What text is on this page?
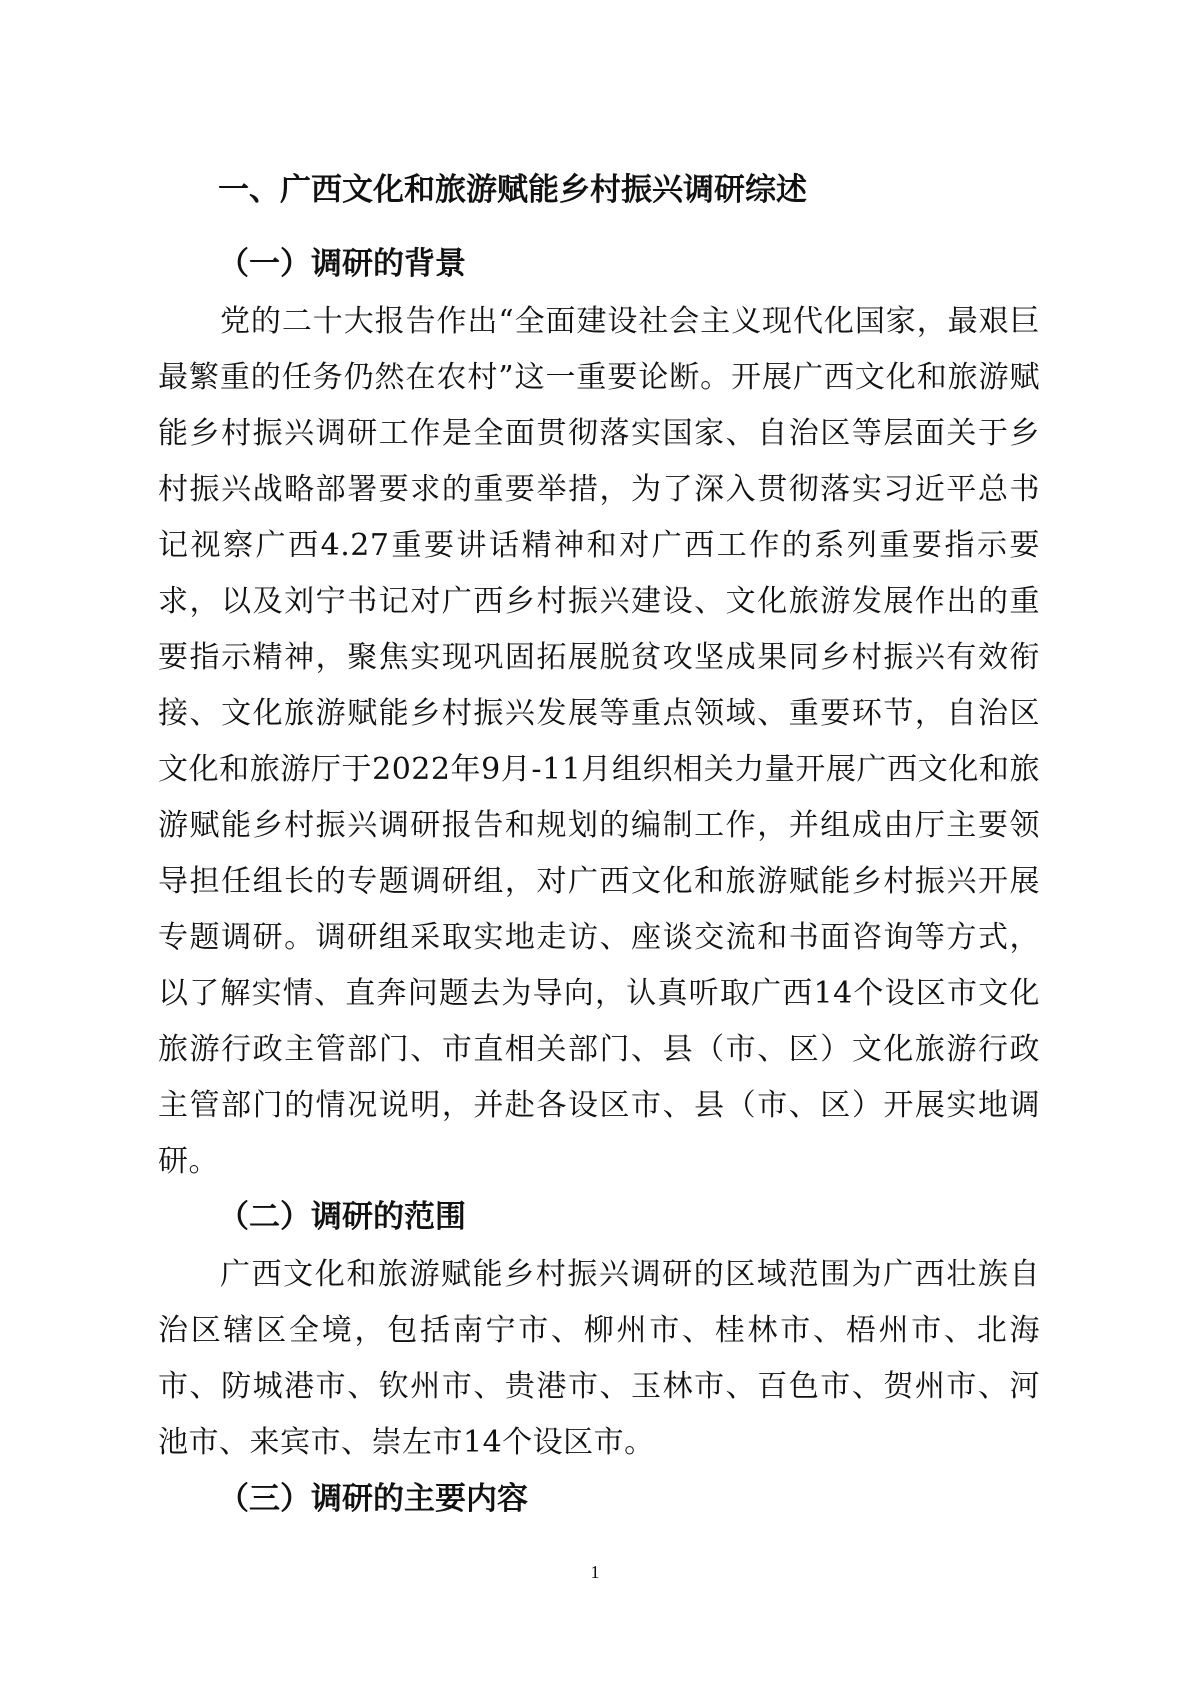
一、广西文化和旅游赋能乡村振兴调研综述
（一）调研的背景

党的二十大报告作出“全面建设社会主义现代化国家，最艰巨最繁重的任务仍然在农村”这一重要论断。开展广西文化和旅游赋能乡村振兴调研工作是全面贯彻落实国家、自治区等层面关于乡村振兴战略部署要求的重要举措，为了深入贯彻落实习近平总书记视察广西4.27重要讲话精神和对广西工作的系列重要指示要求，以及刘宁书记对广西乡村振兴建设、文化旅游发展作出的重要指示精神，聚焦实现巩固拓展脱贫攻坚成果同乡村振兴有效衔接、文化旅游赋能乡村振兴发展等重点领域、重要环节，自治区文化和旅游厅于2022年9月-11月组织相关力量开展广西文化和旅游赋能乡村振兴调研报告和规划的编制工作，并组成由厅主要领导担任组长的专题调研组，对广西文化和旅游赋能乡村振兴开展专题调研。调研组采取实地走访、座谈交流和书面咨询等方式，以了解实情、直奔问题去为导向，认真听取广西14个设区市文化旅游行政主管部门、市直相关部门、县（市、区）文化旅游行政主管部门的情况说明，并赴各设区市、县（市、区）开展实地调研。

（二）调研的范围

广西文化和旅游赋能乡村振兴调研的区域范围为广西壮族自治区辖区全境，包括南宁市、柳州市、桂林市、梧州市、北海市、防城港市、钦州市、贵港市、玉林市、百色市、贺州市、河池市、来宾市、崇左市14个设区市。

（三）调研的主要内容
1
